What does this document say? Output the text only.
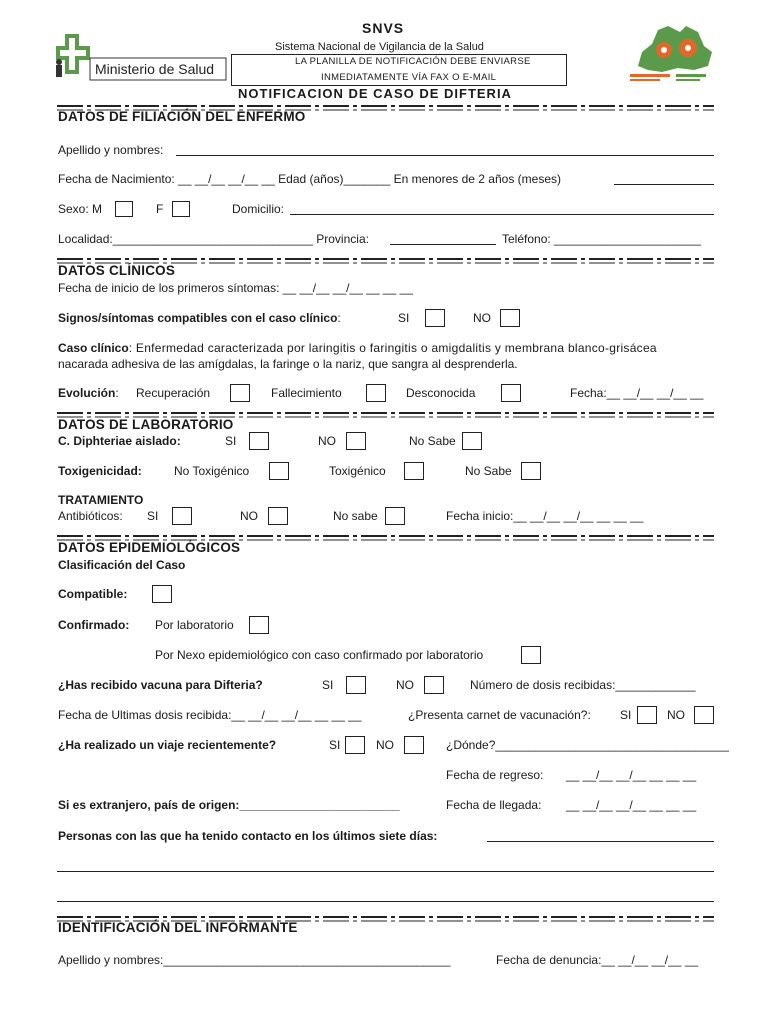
Ministerio de Salud
SNVS
Sistema Nacional de Vigilancia de la Salud
LA PLANILLA DE NOTIFICACIÓN DEBE ENVIARSE
INMEDIATAMENTE VÍA FAX O E-MAIL
NOTIFICACION DE CASO DE DIFTERIA
DATOS DE FILIACIÓN DEL ENFERMO
Apellido y nombres:
Fecha de Nacimiento: __ __/__ __/__ __ Edad (años)_______ En menores de 2 años (meses)
Sexo: M	F	Domicilio:
Localidad:______________________________ Provincia:	Teléfono: ______________________
DATOS CLÍNICOS
Fecha de inicio de los primeros síntomas: __ __/__ __/__ __ __ __
Signos/síntomas compatibles con el caso clínico:	SI	NO
Caso clínico: Enfermedad caracterizada por laringitis o faringitis o amigdalitis y membrana blanco-grisácea
nacarada adhesiva de las amígdalas, la faringe o la nariz, que sangra al desprenderla.
Evolución: Recuperación	Fallecimiento	Desconocida	Fecha:__ __/__ __/__ __
DATOS DE LABORATORIO
C. Diphteriae aislado:	SI	NO	No Sabe
Toxigenicidad:	No Toxigénico	Toxigénico	No Sabe
TRATAMIENTO
Antibióticos: SI	NO	No sabe	Fecha inicio:__ __/__ __/__ __ __ __
DATOS EPIDEMIOLÓGICOS
Clasificación del Caso
Compatible:
Confirmado: Por laboratorio
Por Nexo epidemiológico con caso confirmado por laboratorio
¿Has recibido vacuna para Difteria?	SI	NO	Número de dosis recibidas:____________
Fecha de Ultimas dosis recibida:__ __/__ __/__ __ __ __	¿Presenta carnet de vacunación?: SI	NO
¿Ha realizado un viaje recientemente?	SI	NO	¿Dónde?___________________________________
Fecha de regreso: __ __/__ __/__ __ __ __
Si es extranjero, país de origen:________________________	Fecha de llegada: __ __/__ __/__ __ __ __
Personas con las que ha tenido contacto en los últimos siete días:
IDENTIFICACIÓN DEL INFORMANTE
Apellido y nombres:___________________________________________	Fecha de denuncia:__ __/__ __/__ __
